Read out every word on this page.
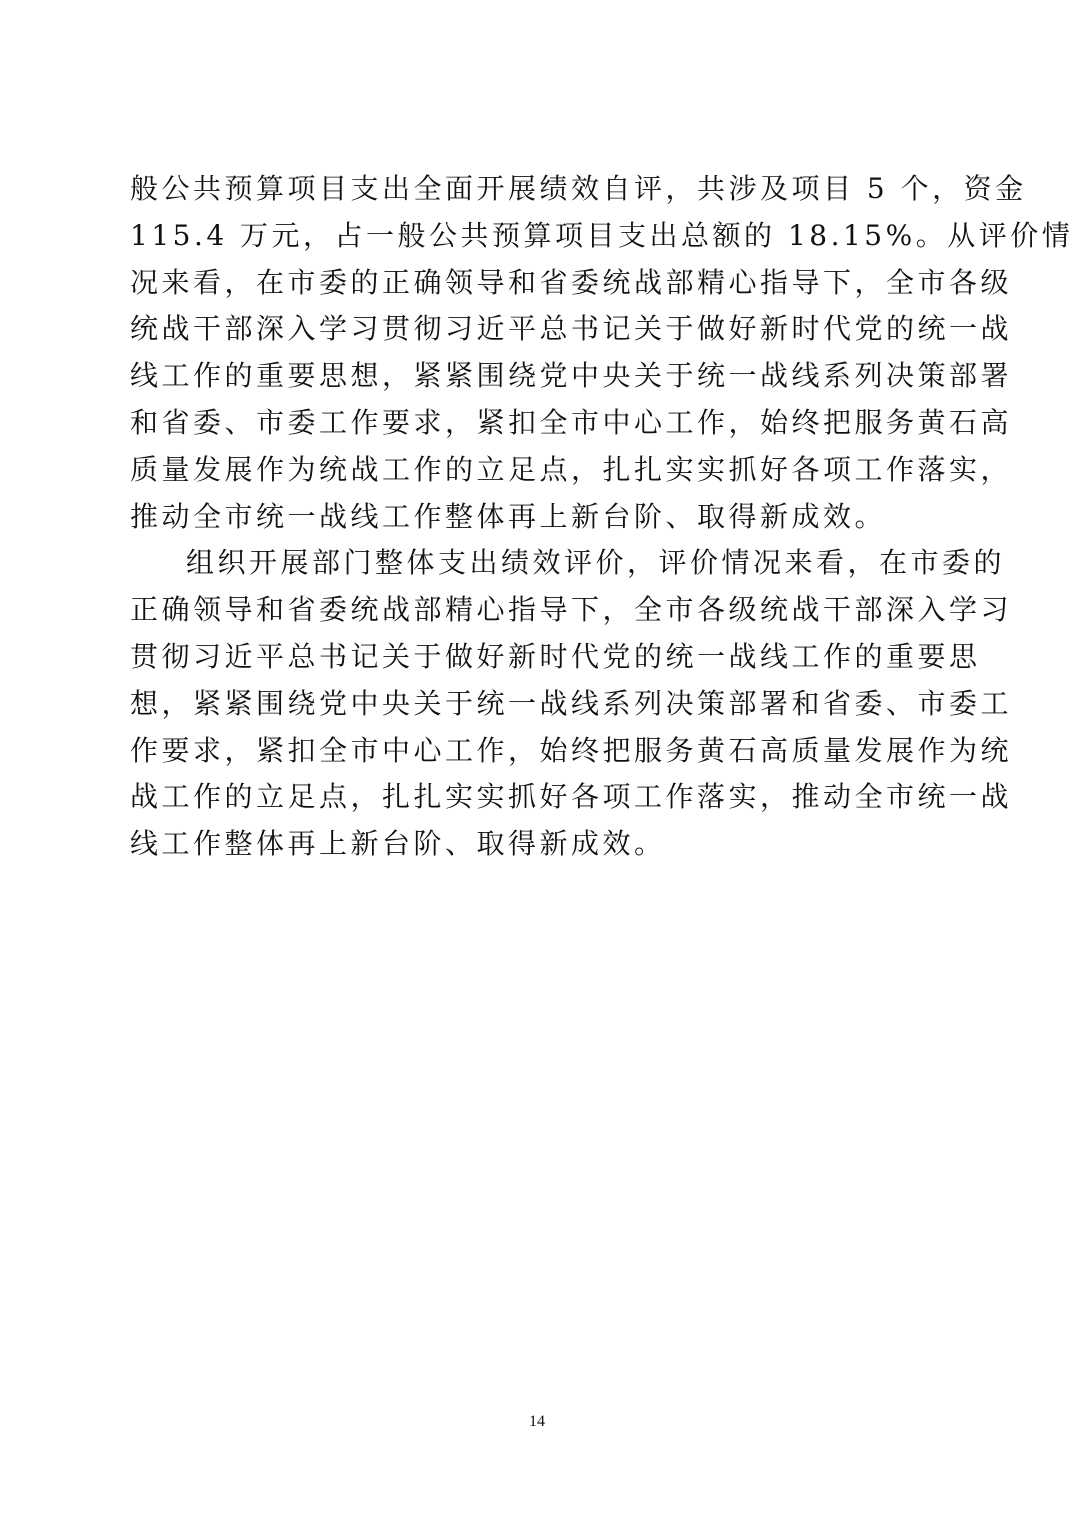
般公共预算项目支出全面开展绩效自评，共涉及项目 5 个，资金
115.4 万元，占一般公共预算项目支出总额的 18.15%。从评价情
况来看，在市委的正确领导和省委统战部精心指导下，全市各级
统战干部深入学习贯彻习近平总书记关于做好新时代党的统一战
线工作的重要思想，紧紧围绕党中央关于统一战线系列决策部署
和省委、市委工作要求，紧扣全市中心工作，始终把服务黄石高
质量发展作为统战工作的立足点，扎扎实实抓好各项工作落实，
推动全市统一战线工作整体再上新台阶、取得新成效。
组织开展部门整体支出绩效评价，评价情况来看，在市委的
正确领导和省委统战部精心指导下，全市各级统战干部深入学习
贯彻习近平总书记关于做好新时代党的统一战线工作的重要思
想，紧紧围绕党中央关于统一战线系列决策部署和省委、市委工
作要求，紧扣全市中心工作，始终把服务黄石高质量发展作为统
战工作的立足点，扎扎实实抓好各项工作落实，推动全市统一战
线工作整体再上新台阶、取得新成效。
14
